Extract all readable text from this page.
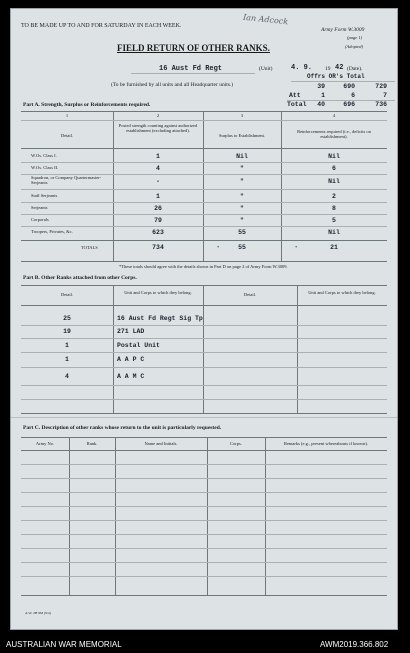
TO BE MADE UP TO AND FOR SATURDAY IN EACH WEEK.	Ian Adcock
Army Form W.3009
(page 1)
(Adopted)
FIELD RETURN OF OTHER RANKS.
16 Aust Fd Regt	(Unit)	4. 9. 19 42 (Date).
(To be furnished by all units and all Headquarter units.)
Offrs OR's Total
39	690	729
Att	1	6	7
Total	40	696	736
Part A. Strength, Surplus or Reinforcements required.
1	2	3	4
Detail.
Posted strength counting against authorized establishment (excluding attached).
Surplus to Establishment.
Reinforcements required (i.e., deficits on establishment).
W.Os. Class I.	1	Nil	Nil
W.Os. Class II.	4	"	6
Squadron, or Company Quartermaster-Serjeants	-	"	Nil
Staff Serjeants	1	"	2
Serjeants	26	"	8
Corporals	79	"	5
Troopers, Privates, &c.	623	55	Nil
TOTALS	734	*	55	*	21
*These totals should agree with the details shown in Part D on page 2 of Army Form W.3009.
Part B. Other Ranks attached from other Corps.
Detail.	Unit and Corps to which they belong.	Detail.	Unit and Corps to which they belong.
25	16 Aust Fd Regt Sig Tp
19	271 LAD
1	Postal Unit
1	A A P C
4	A A M C
Part C. Description of other ranks whose return to the unit is particularly requested.
Army No.	Rank.	Name and Initials.	Corps.	Remarks (e.g., present whereabouts if known).
A.W. 2H 9M (9/4)
AUSTRALIAN WAR MEMORIAL	AWM2019.366.802
